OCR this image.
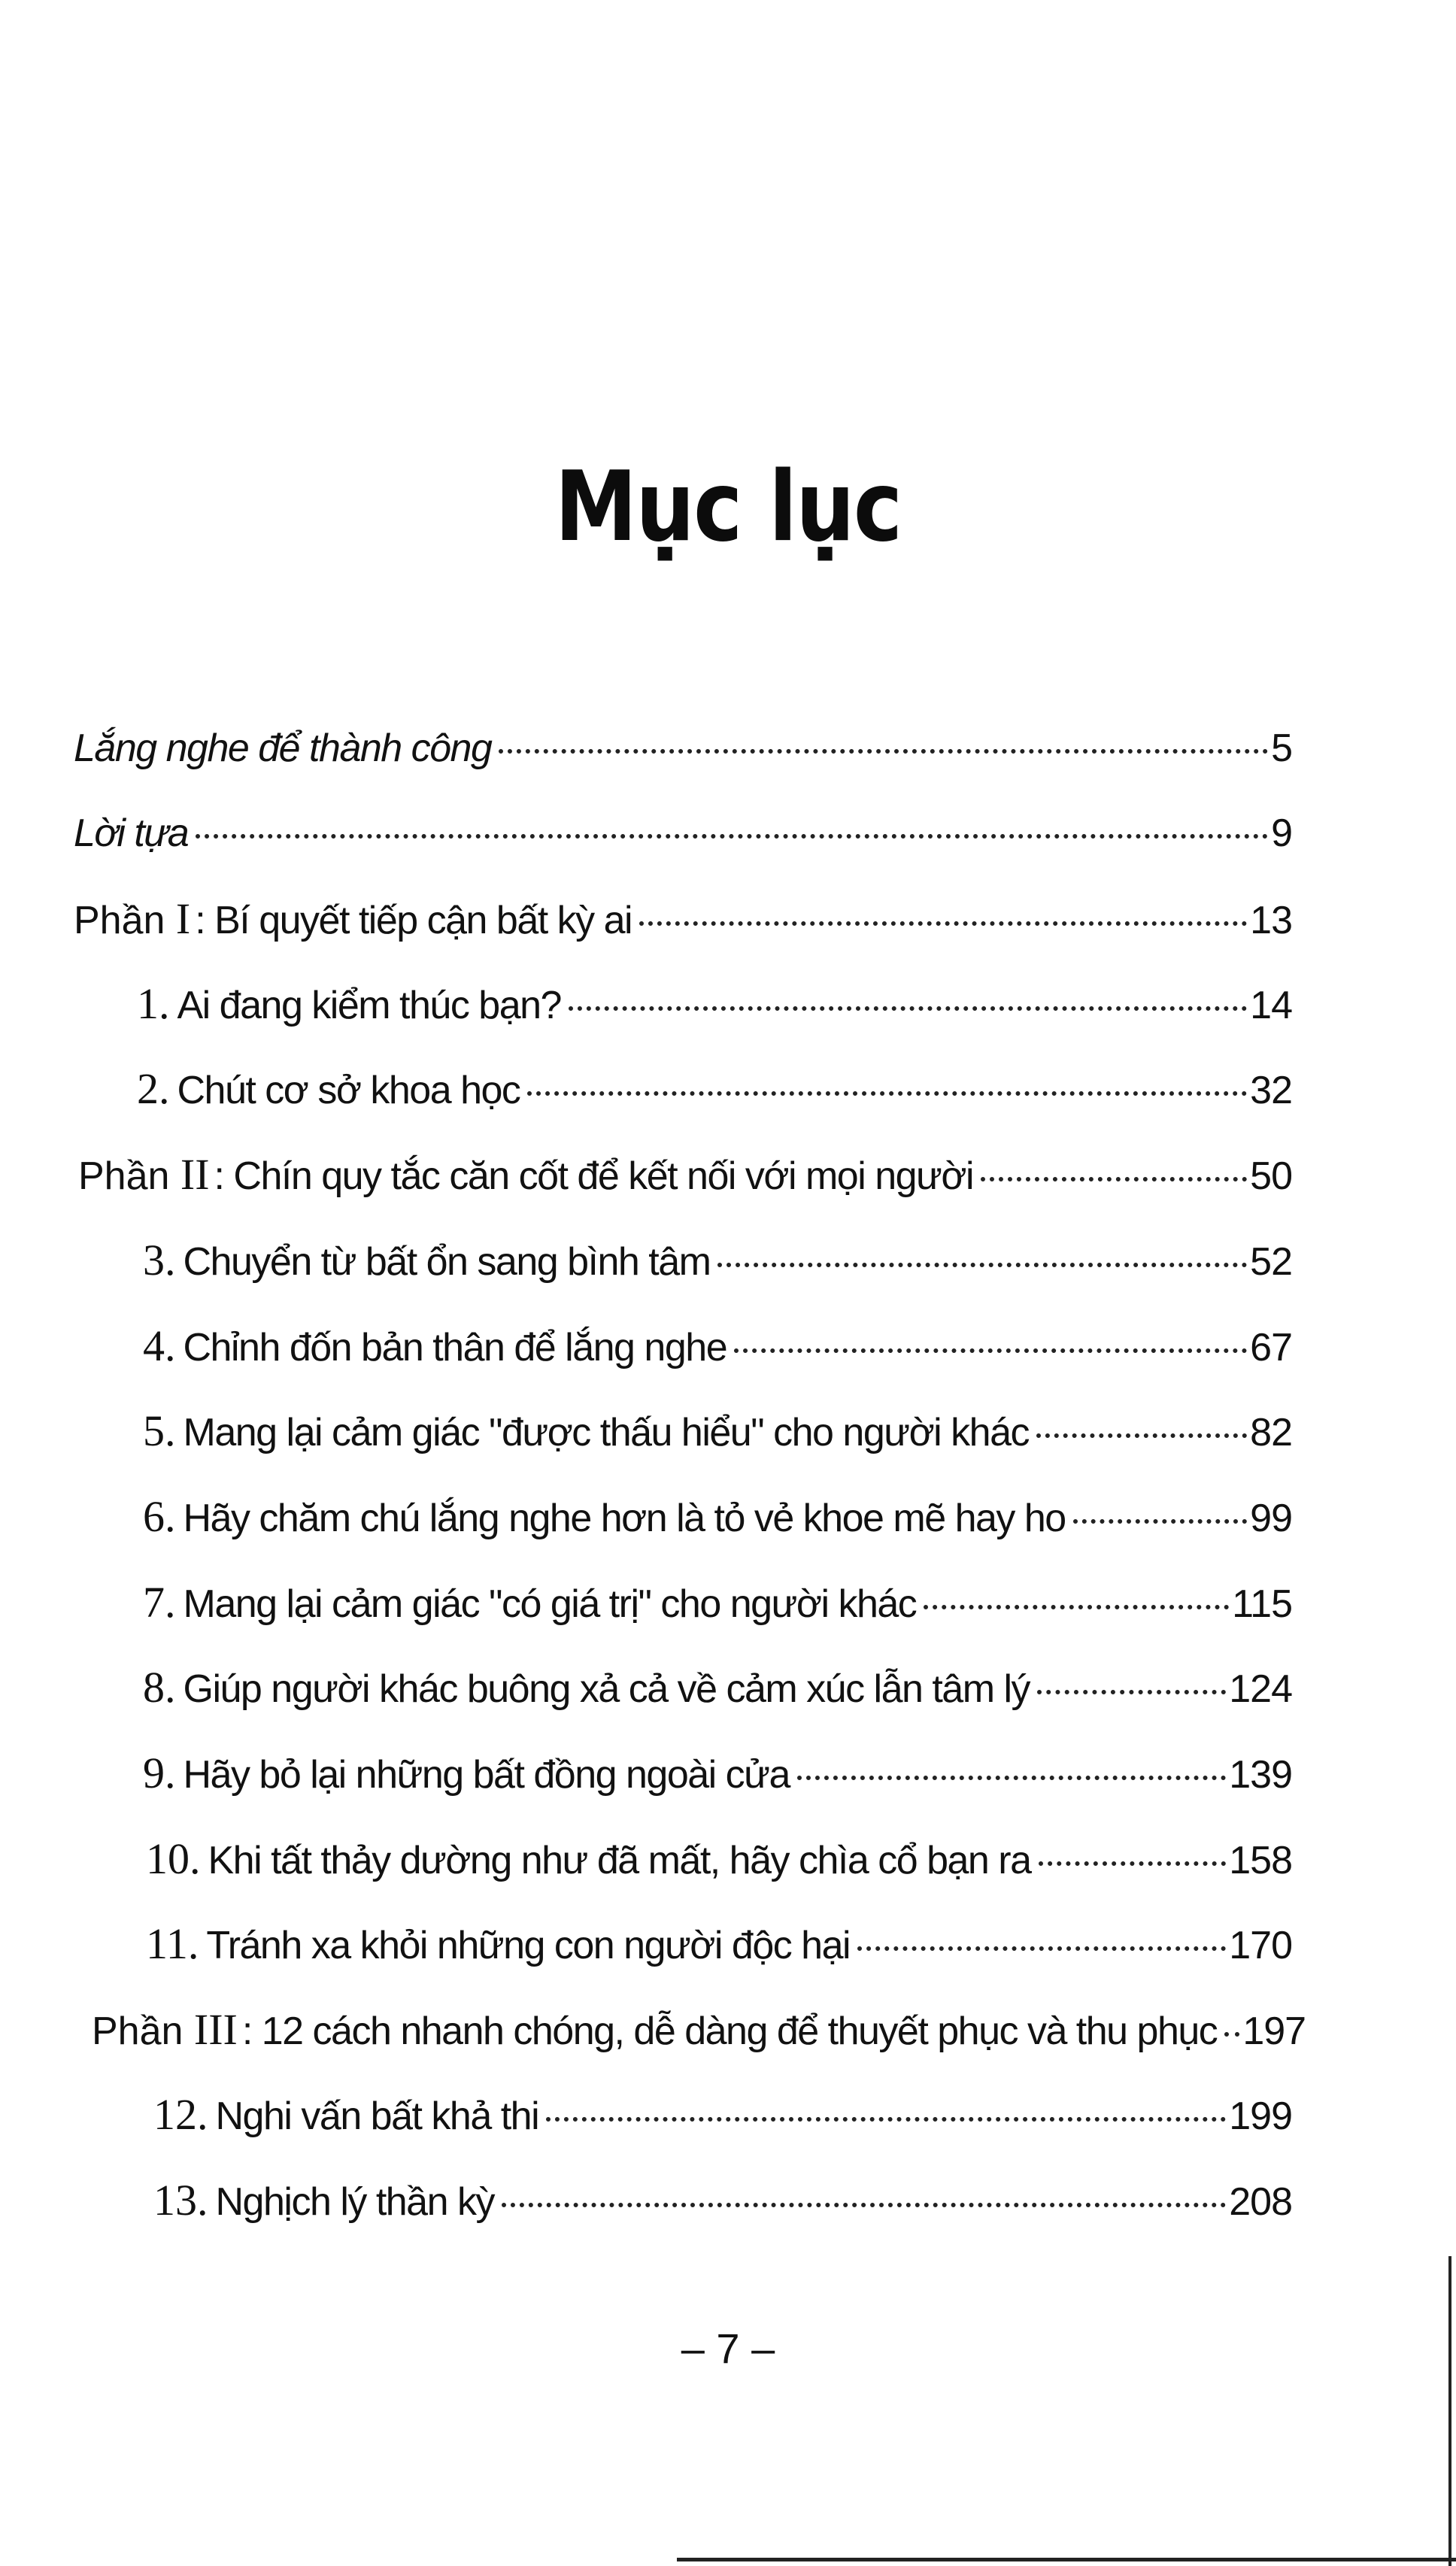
Mục lục
Lắng nghe để thành công	5
Lời tựa	9
Phần I : Bí quyết tiếp cận bất kỳ ai	13
1. Ai đang kiểm thúc bạn?	14
2. Chút cơ sở khoa học	32
Phần II : Chín quy tắc căn cốt để kết nối với mọi người	50
3. Chuyển từ bất ổn sang bình tâm	52
4. Chỉnh đốn bản thân để lắng nghe	67
5. Mang lại cảm giác "được thấu hiểu" cho người khác	82
6. Hãy chăm chú lắng nghe hơn là tỏ vẻ khoe mẽ hay ho	99
7. Mang lại cảm giác "có giá trị" cho người khác	115
8. Giúp người khác buông xả cả về cảm xúc lẫn tâm lý	124
9. Hãy bỏ lại những bất đồng ngoài cửa	139
10. Khi tất thảy dường như đã mất, hãy chìa cổ bạn ra	158
11. Tránh xa khỏi những con người độc hại	170
Phần III : 12 cách nhanh chóng, dễ dàng để thuyết phục và thu phục 197
12. Nghi vấn bất khả thi	199
13. Nghịch lý thần kỳ	208
– 7 –
